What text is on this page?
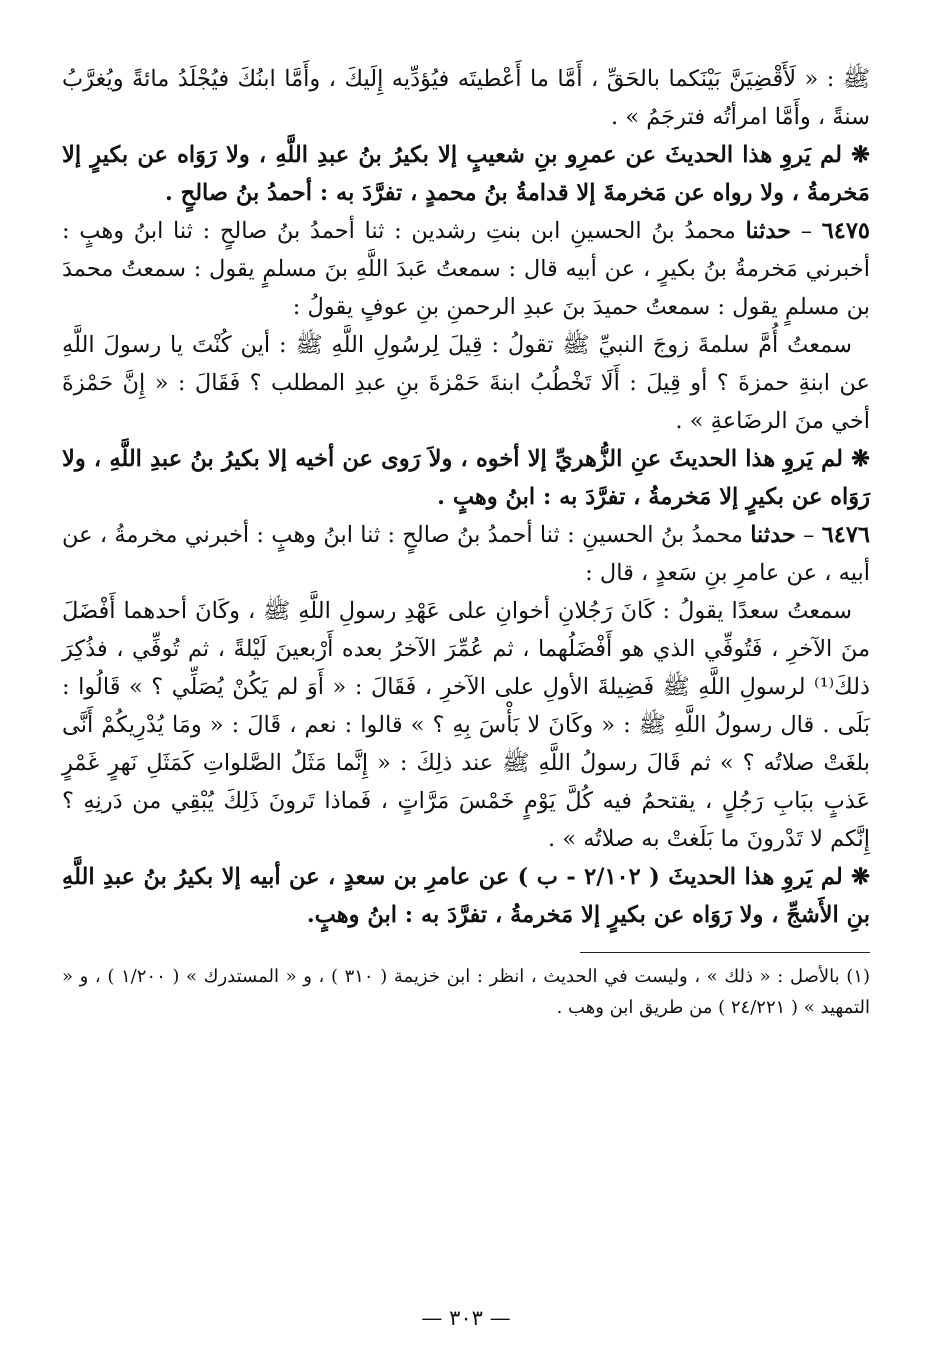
ﷺ : « لَأَقْضِيَنَّ بَيْنَكما بالحَقِّ ، أَمَّا ما أَعْطيتَه فيُؤدِّيه إِلَيكَ ، وأَمَّا ابنُكَ فيُجْلَدُ مائةً ويُغرَّبُ سنةً ، وأَمَّا امرأتُه فترجَمُ » .

❋ لم يَروِ هذا الحديثَ عن عمرِو بنِ شعيبٍ إلا بكيرُ بنُ عبدِ اللَّهِ ، ولا رَوَاه عن بكيرٍ إلا مَخرمةُ ، ولا رواه عن مَخرمةَ إلا قدامةُ بنُ محمدٍ ، تفرَّدَ به : أحمدُ بنُ صالحٍ .

٦٤٧٥ – حدثنا محمدُ بنُ الحسينِ ابن بنتِ رشدين : ثنا أحمدُ بنُ صالحٍ : ثنا ابنُ وهبٍ : أخبرني مَخرمةُ بنُ بكيرٍ ، عن أبيه قال : سمعتُ عَبدَ اللَّهِ بنَ مسلمٍ يقول : سمعتُ محمدَ بن مسلمٍ يقول : سمعتُ حميدَ بنَ عبدِ الرحمنِ بنِ عوفٍ يقولُ :

سمعتُ أُمَّ سلمةَ زوجَ النبيِّ ﷺ تقولُ : قِيلَ لِرسُولِ اللَّهِ ﷺ : أين كُنْتَ يا رسولَ اللَّهِ عن ابنةِ حمزةَ ؟ أو قِيلَ : أَلَا تَخْطُبُ ابنةَ حَمْزةَ بنِ عبدِ المطلب ؟ فَقَالَ : « إِنَّ حَمْزةَ أخي منَ الرضَاعةِ » .

❋ لم يَروِ هذا الحديثَ عنِ الزُّهريِّ إلا أخوه ، ولاَ رَوى عن أخيه إلا بكيرُ بنُ عبدِ اللَّهِ ، ولا رَوَاه عن بكيرٍ إلا مَخرمةُ ، تفرَّدَ به : ابنُ وهبٍ .

٦٤٧٦ – حدثنا محمدُ بنُ الحسينِ : ثنا أحمدُ بنُ صالحٍ : ثنا ابنُ وهبٍ : أخبرني مخرمةُ ، عن أبيه ، عن عامرِ بنِ سَعدٍ ، قال :

سمعتُ سعدًا يقولُ : كَانَ رَجُلانِ أخوانِ على عَهْدِ رسولِ اللَّهِ ﷺ ، وكَانَ أحدهما أَفْضَلَ منَ الآخرِ ، فَتُوفِّي الذي هو أَفْضَلُهما ، ثم عُمِّرَ الآخرُ بعده أَرْبعينَ لَيْلةً ، ثم تُوفِّي ، فذُكِرَ ذلكَ⁽¹⁾ لرسولِ اللَّهِ ﷺ فَضِيلةَ الأولِ على الآخرِ ، فَقَالَ : « أَوَ لم يَكُنْ يُصَلِّي ؟ » قَالُوا : بَلَى . قال رسولُ اللَّهِ ﷺ : « وكَانَ لا بَأْسَ بِهِ ؟ » قالوا : نعم ، قَالَ : « ومَا يُدْرِيكُمْ أَنَّى بلغَتْ صلاتُه ؟ » ثم قَالَ رسولُ اللَّهِ ﷺ عند ذلِكَ : « إِنَّما مَثَلُ الصَّلواتِ كَمَثَلِ نَهرٍ غَمْرٍ عَذبٍ ببَابِ رَجُلٍ ، يقتحمُ فيه كُلَّ يَوْمٍ خَمْسَ مَرَّاتٍ ، فَماذا تَرونَ ذَلِكَ يُبْقِي من دَرنِهِ ؟ إِنَّكم لا تَدْرونَ ما بَلَغتْ به صلاتُه » .

❋ لم يَروِ هذا الحديثَ ( ٢/١٠٢ - ب ) عن عامرِ بن سعدٍ ، عن أبيه إلا بكيرُ بنُ عبدِ اللَّهِ بنِ الأَشجِّ ، ولا رَوَاه عن بكيرٍ إلا مَخرمةُ ، تفرَّدَ به : ابنُ وهبٍ.

(١) بالأصل : « ذلك » ، وليست في الحديث ، انظر : ابن خزيمة ( ٣١٠ ) ، و « المستدرك » ( ١/٢٠٠ ) ، و « التمهيد » ( ٢٤/٢٢١ ) من طريق ابن وهب .

— ٣٠٣ —
